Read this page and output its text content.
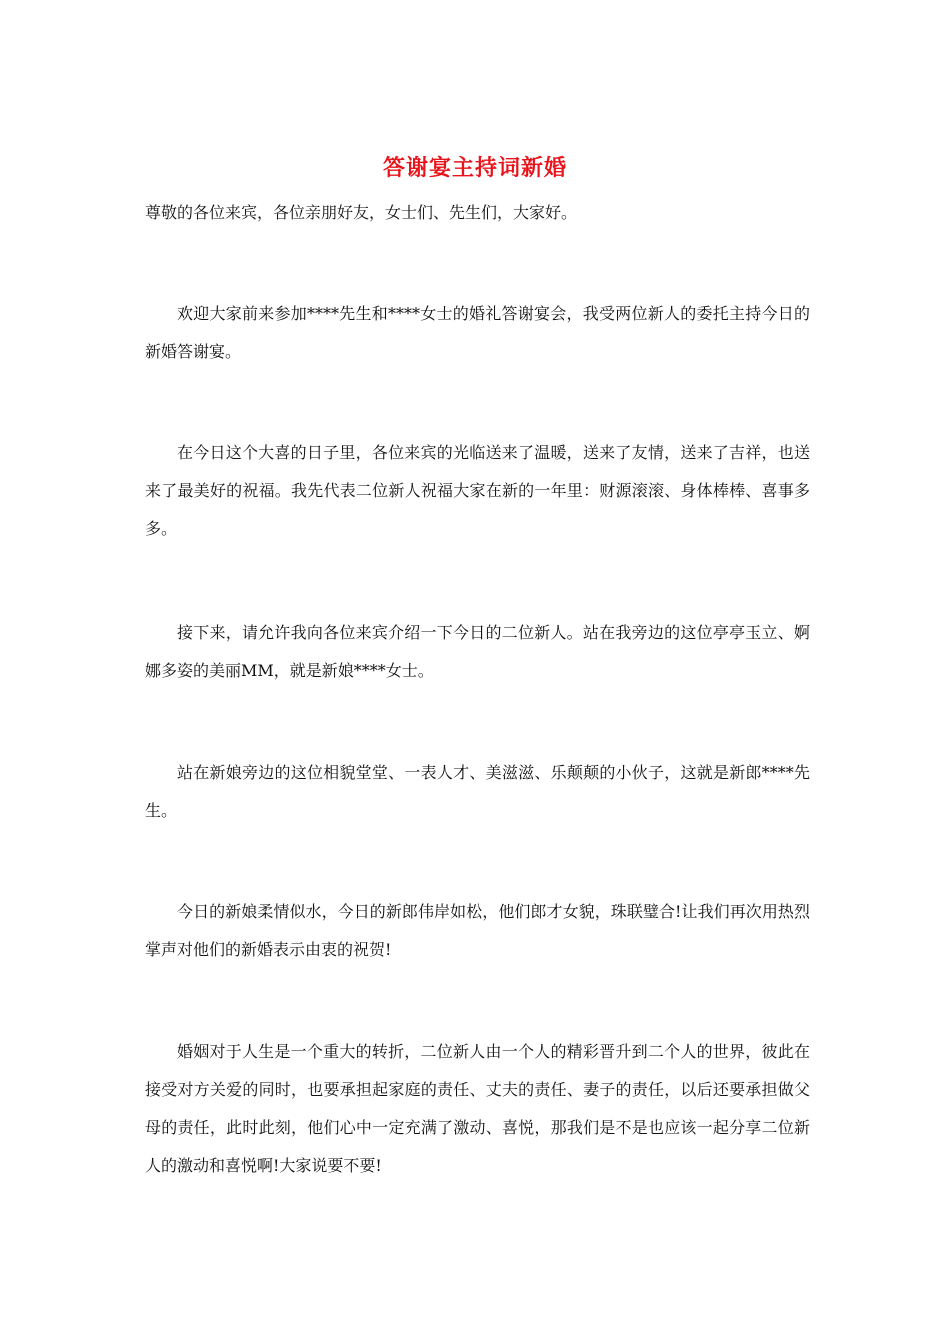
答谢宴主持词新婚

尊敬的各位来宾，各位亲朋好友，女士们、先生们，大家好。

欢迎大家前来参加****先生和****女士的婚礼答谢宴会，我受两位新人的委托主持今日的新婚答谢宴。

在今日这个大喜的日子里，各位来宾的光临送来了温暖，送来了友情，送来了吉祥，也送来了最美好的祝福。我先代表二位新人祝福大家在新的一年里：财源滚滚、身体棒棒、喜事多多。

接下来，请允许我向各位来宾介绍一下今日的二位新人。站在我旁边的这位亭亭玉立、婀娜多姿的美丽MM，就是新娘****女士。

站在新娘旁边的这位相貌堂堂、一表人才、美滋滋、乐颠颠的小伙子，这就是新郎****先生。

今日的新娘柔情似水，今日的新郎伟岸如松，他们郎才女貌，珠联璧合!让我们再次用热烈掌声对他们的新婚表示由衷的祝贺!

婚姻对于人生是一个重大的转折，二位新人由一个人的精彩晋升到二个人的世界，彼此在接受对方关爱的同时，也要承担起家庭的责任、丈夫的责任、妻子的责任，以后还要承担做父母的责任，此时此刻，他们心中一定充满了激动、喜悦，那我们是不是也应该一起分享二位新人的激动和喜悦啊!大家说要不要!
